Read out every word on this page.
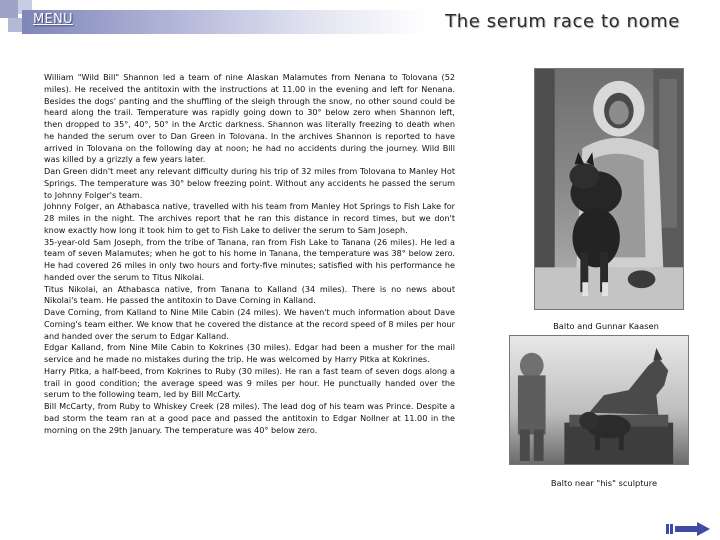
MENU	The serum race to nome

William "Wild Bill" Shannon led a team of nine Alaskan Malamutes from Nenana to Tolovana (52 miles). He received the antitoxin with the instructions at 11.00 in the evening and left for Nenana. Besides the dogs' panting and the shuffling of the sleigh through the snow, no other sound could be heard along the trail. Temperature was rapidly going down to 30° below zero when Shannon left, then dropped to 35°, 40°, 50° in the Arctic darkness. Shannon was literally freezing to death when he handed the serum over to Dan Green in Tolovana. In the archives Shannon is reported to have arrived in Tolovana on the following day at noon; he had no accidents during the journey. Wild Bill was killed by a grizzly a few years later.

Dan Green didn't meet any relevant difficulty during his trip of 32 miles from Tolovana to Manley Hot Springs. The temperature was 30° below freezing point. Without any accidents he passed the serum to Johnny Folger's team.

Johnny Folger, an Athabasca native, travelled with his team from Manley Hot Springs to Fish Lake for 28 miles in the night. The archives report that he ran this distance in record times, but we don't know exactly how long it took him to get to Fish Lake to deliver the serum to Sam Joseph.

35-year-old Sam Joseph, from the tribe of Tanana, ran from Fish Lake to Tanana (26 miles). He led a team of seven Malamutes; when he got to his home in Tanana, the temperature was 38° below zero. He had covered 26 miles in only two hours and forty-five minutes; satisfied with his performance he handed over the serum to Titus Nikolai.

Titus Nikolai, an Athabasca native, from Tanana to Kalland (34 miles). There is no news about Nikolai's team. He passed the antitoxin to Dave Corning in Kalland.

Dave Corning, from Kalland to Nine Mile Cabin (24 miles). We haven't much information about Dave Corning's team either. We know that he covered the distance at the record speed of 8 miles per hour and handed over the serum to Edgar Kalland.

Edgar Kalland, from Nine Mile Cabin to Kokrines (30 miles). Edgar had been a musher for the mail service and he made no mistakes during the trip. He was welcomed by Harry Pitka at Kokrines.

Harry Pitka, a half-beed, from Kokrines to Ruby (30 miles). He ran a fast team of seven dogs along a trail in good condition; the average speed was 9 miles per hour. He punctually handed over the serum to the following team, led by Bill McCarty.

Bill McCarty, from Ruby to Whiskey Creek (28 miles). The lead dog of his team was Prince. Despite a bad storm the team ran at a good pace and passed the antitoxin to Edgar Nollner at 11.00 in the morning on the 29th January. The temperature was 40° below zero.

Balto and Gunnar Kaasen
Balto near "his" sculpture
